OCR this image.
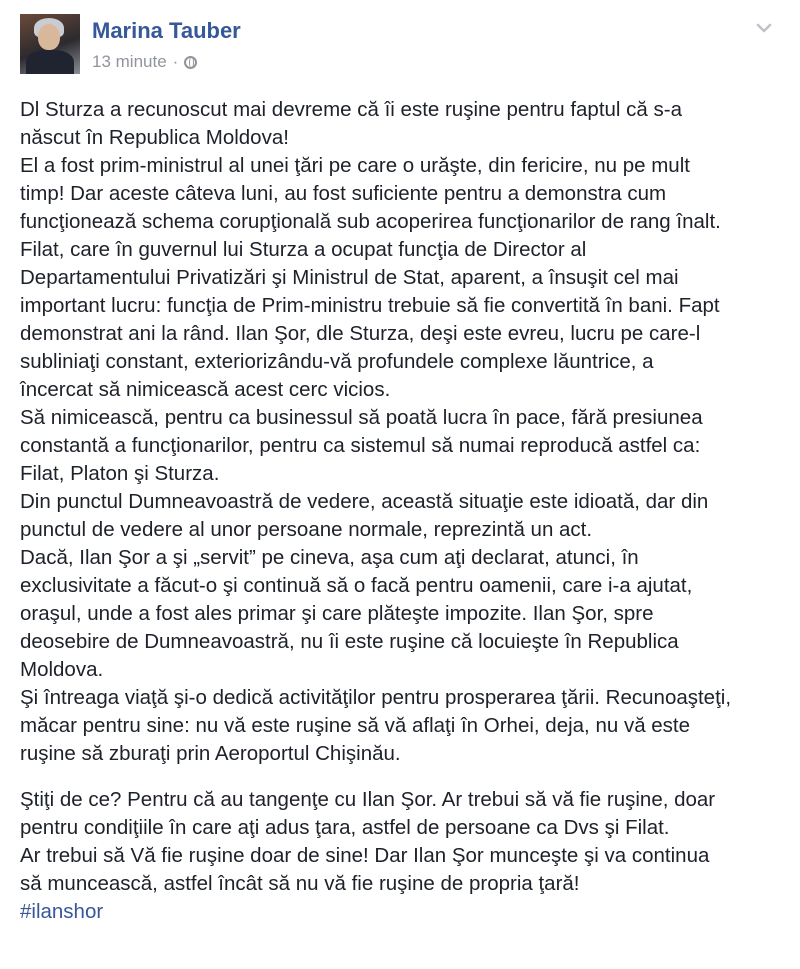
Marina Tauber
13 minute ·

Dl Sturza a recunoscut mai devreme că îi este ruşine pentru faptul că s-a

născut în Republica Moldova!

El a fost prim-ministrul al unei ţări pe care o urăşte, din fericire, nu pe mult

timp! Dar aceste câteva luni, au fost suficiente pentru a demonstra cum

funcţionează schema corupţională sub acoperirea funcţionarilor de rang înalt.

Filat, care în guvernul lui Sturza a ocupat funcţia de Director al

Departamentului Privatizări şi Ministrul de Stat, aparent, a însuşit cel mai

important lucru: funcţia de Prim-ministru trebuie să fie convertită în bani. Fapt

demonstrat ani la rând. Ilan Şor, dle Sturza, deşi este evreu, lucru pe care-l

subliniaţi constant, exteriorizându-vă profundele complexe lăuntrice, a

încercat să nimicească acest cerc vicios.

Să nimicească, pentru ca businessul să poată lucra în pace, fără presiunea

constantă a funcţionarilor, pentru ca sistemul să numai reproducă astfel ca:

Filat, Platon şi Sturza.

Din punctul Dumneavoastră de vedere, această situaţie este idioată, dar din

punctul de vedere al unor persoane normale, reprezintă un act.

Dacă, Ilan Şor a şi „servit” pe cineva, aşa cum aţi declarat, atunci, în

exclusivitate a făcut-o şi continuă să o facă pentru oamenii, care i-a ajutat,

oraşul, unde a fost ales primar şi care plăteşte impozite. Ilan Şor, spre

deosebire de Dumneavoastră, nu îi este ruşine că locuieşte în Republica

Moldova.

Şi întreaga viaţă şi-o dedică activităţilor pentru prosperarea ţării. Recunoaşteţi,

măcar pentru sine: nu vă este ruşine să vă aflaţi în Orhei, deja, nu vă este

ruşine să zburaţi prin Aeroportul Chişinău.

Ştiţi de ce? Pentru că au tangenţe cu Ilan Şor. Ar trebui să vă fie ruşine, doar

pentru condiţiile în care aţi adus ţara, astfel de persoane ca Dvs şi Filat.

Ar trebui să Vă fie ruşine doar de sine! Dar Ilan Şor munceşte şi va continua

să muncească, astfel încât să nu vă fie ruşine de propria ţară!

#ilanshor
